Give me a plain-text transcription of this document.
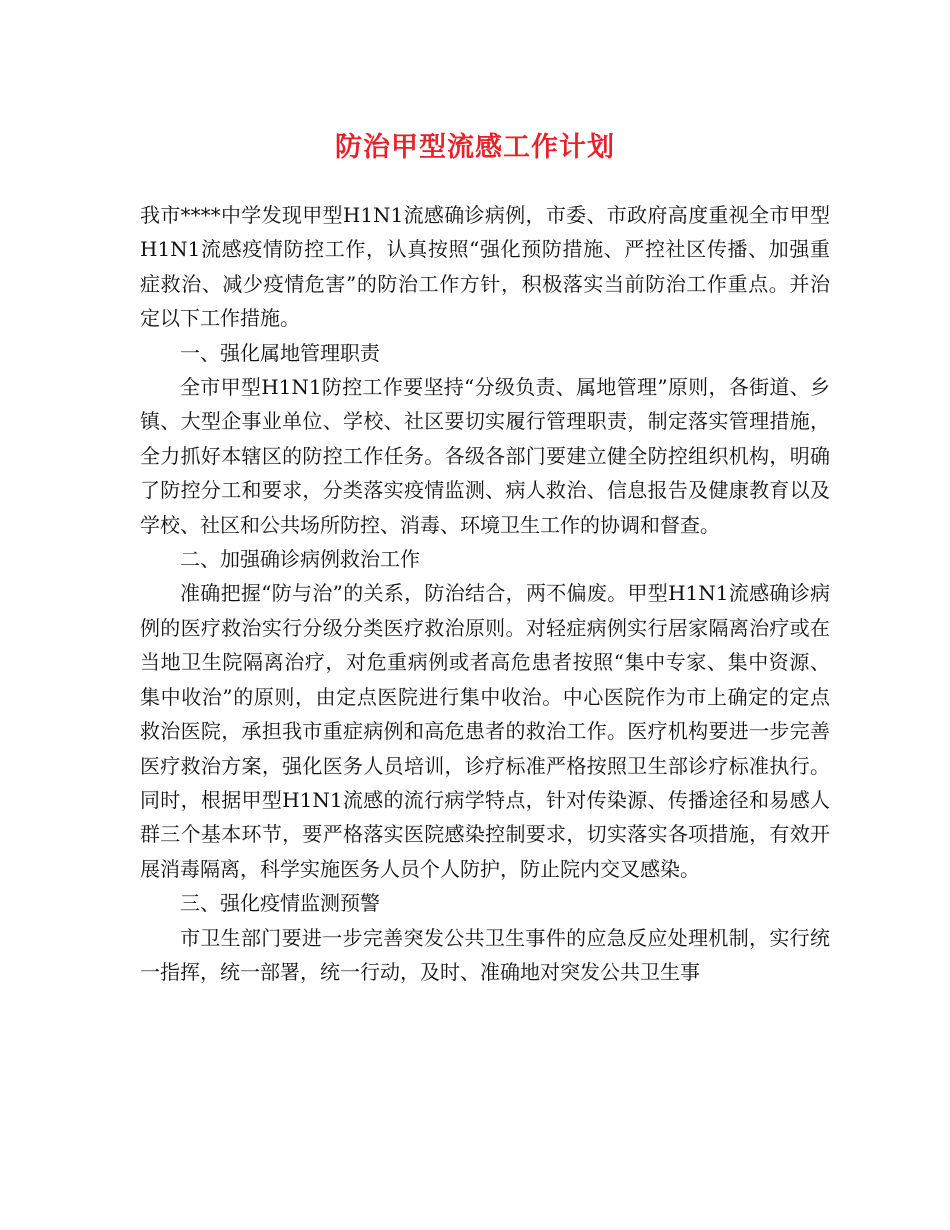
防治甲型流感工作计划

我市****中学发现甲型H1N1流感确诊病例，市委、市政府高度重视全市甲型H1N1流感疫情防控工作，认真按照“强化预防措施、严控社区传播、加强重症救治、减少疫情危害”的防治工作方针，积极落实当前防治工作重点。并治定以下工作措施。

一、强化属地管理职责

全市甲型H1N1防控工作要坚持“分级负责、属地管理”原则，各街道、乡镇、大型企事业单位、学校、社区要切实履行管理职责，制定落实管理措施，全力抓好本辖区的防控工作任务。各级各部门要建立健全防控组织机构，明确了防控分工和要求，分类落实疫情监测、病人救治、信息报告及健康教育以及学校、社区和公共场所防控、消毒、环境卫生工作的协调和督查。

二、加强确诊病例救治工作

准确把握“防与治”的关系，防治结合，两不偏废。甲型H1N1流感确诊病例的医疗救治实行分级分类医疗救治原则。对轻症病例实行居家隔离治疗或在当地卫生院隔离治疗，对危重病例或者高危患者按照“集中专家、集中资源、集中收治”的原则，由定点医院进行集中收治。中心医院作为市上确定的定点救治医院，承担我市重症病例和高危患者的救治工作。医疗机构要进一步完善医疗救治方案，强化医务人员培训，诊疗标准严格按照卫生部诊疗标准执行。同时，根据甲型H1N1流感的流行病学特点，针对传染源、传播途径和易感人群三个基本环节，要严格落实医院感染控制要求，切实落实各项措施，有效开展消毒隔离，科学实施医务人员个人防护，防止院内交叉感染。

三、强化疫情监测预警

市卫生部门要进一步完善突发公共卫生事件的应急反应处理机制，实行统一指挥，统一部署，统一行动，及时、准确地对突发公共卫生事
